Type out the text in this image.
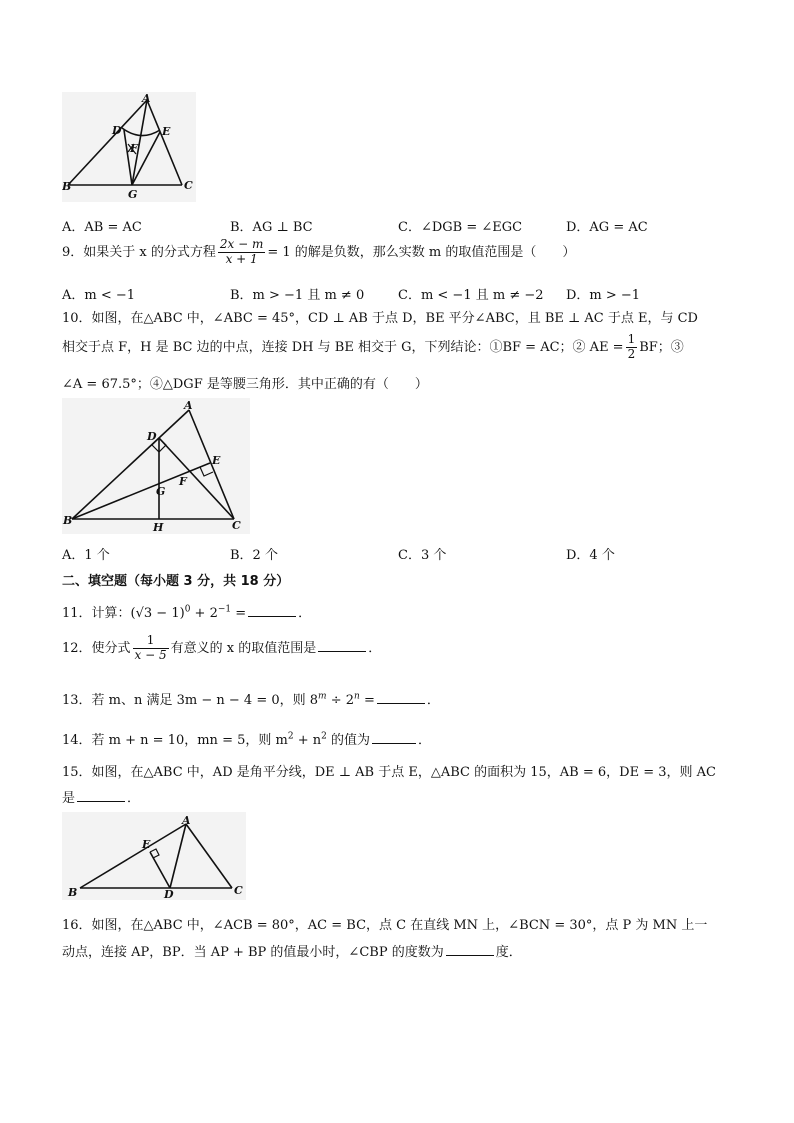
A
D	E
F
B
G
C
A．AB = AC	B．AG ⊥ BC	C．∠DGB = ∠EGC	D．AG = AC
9．如果关于 x 的分式方程 $\frac{2x - m}{x + 1} = 1$ 的解是负数，那么实数 m 的取值范围是（　　）
A．m < −1	B．m > −1 且 m ≠ 0	C．m < −1 且 m ≠ −2 D．m > −1
10．如图，在△ABC 中，∠ABC = 45°，CD ⊥ AB 于点 D，BE 平分∠ABC，且 BE ⊥ AC 于点 E，与 CD
相交于点 F，H 是 BC 边的中点，连接 DH 与 BE 相交于 G，下列结论：①BF = AC；② AE = $\frac{1}{2}$ BF；③
∠A = 67.5°；④△DGF 是等腰三角形．其中正确的有（　　）
A
D
E
F
G
B
H	C
A．1 个	B．2 个	C．3 个	D．4 个
二、填空题（每小题 3 分，共 18 分）
11．计算：$(√3 - 1)^0 + 2^{-1}$ =	．
12．使分式 $\frac{1}{x - 5}$ 有意义的 x 的取值范围是	．
13．若 m、n 满足 3m − n − 4 = 0，则 $8^m \div 2^n$ =	．
14．若 m + n = 10，mn = 5，则 $m^2 + n^2$ 的值为	．
15．如图，在△ABC 中，AD 是角平分线，DE ⊥ AB 于点 E，△ABC 的面积为 15，AB = 6，DE = 3，则 AC
是	．
A
E
B	D	C
16．如图，在△ABC 中，∠ACB = 80°，AC = BC，点 C 在直线 MN 上，∠BCN = 30°，点 P 为 MN 上一
动点，连接 AP，BP．当 AP + BP 的值最小时，∠CBP 的度数为	度．
